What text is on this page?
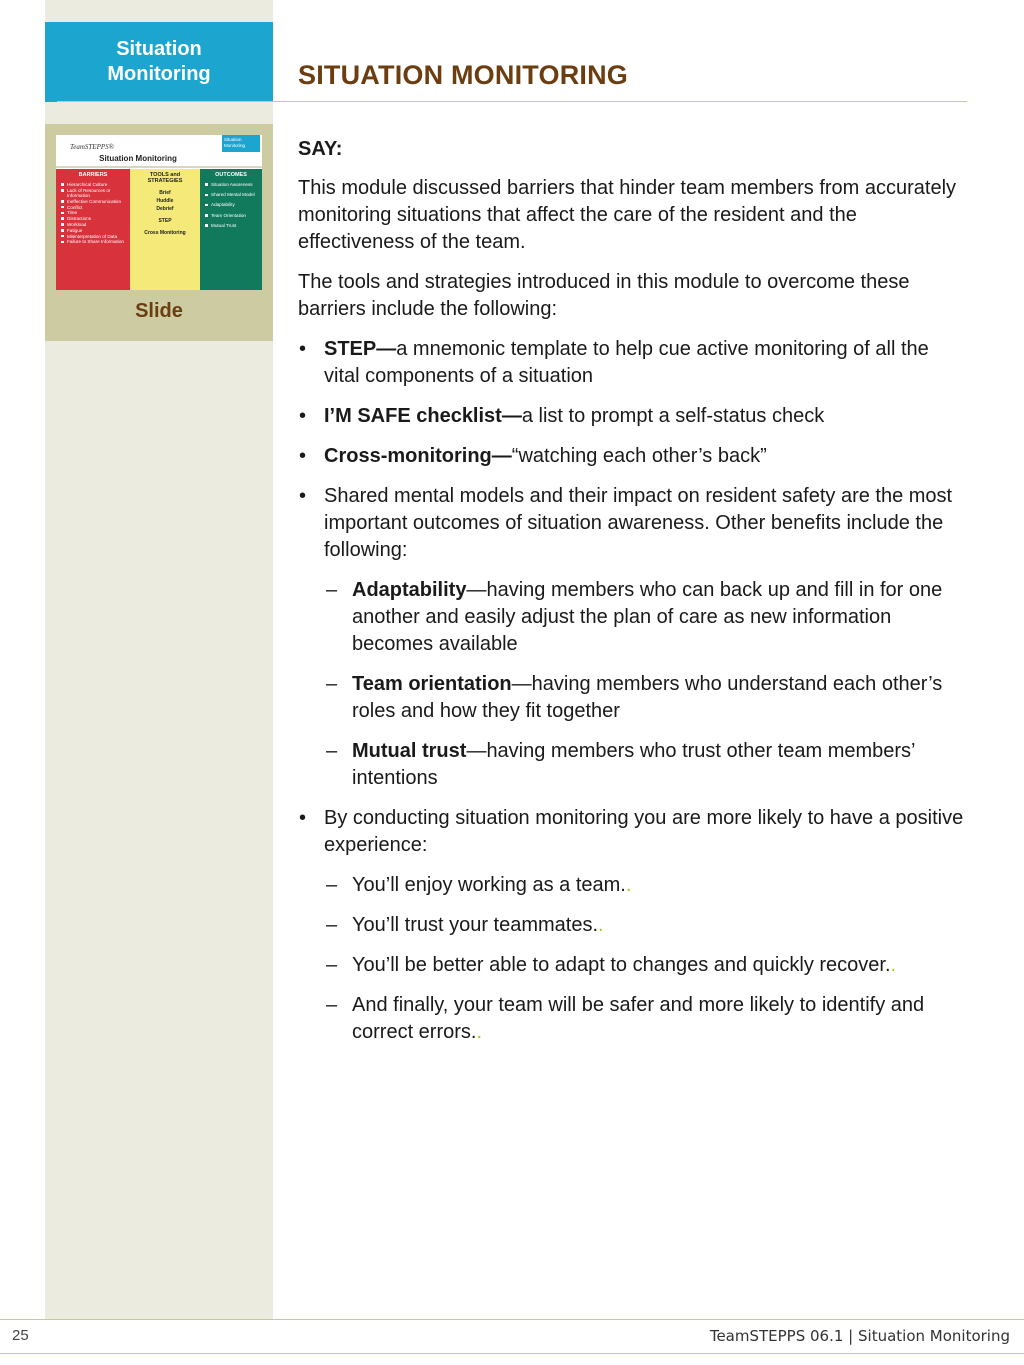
Situation
Monitoring	SITUATION MONITORING
TeamSTEPPS®
Situation
Monitoring
Situation Monitoring
BARRIERS
Hierarchical Culture
Lack of Resources or Information
Ineffective Communication
Conflict
Time
Distractions
Workload
Fatigue
Misinterpretation of Data
Failure to Share Information
TOOLS and STRATEGIES
Brief
Huddle
Debrief
STEP
Cross Monitoring
OUTCOMES
Situation Awareness
Shared Mental Model
Adaptability
Team Orientation
Mutual Trust
Slide

SAY:

This module discussed barriers that hinder team members from accurately monitoring situations that affect the care of the resident and the effectiveness of the team.

The tools and strategies introduced in this module to overcome these barriers include the following:

• STEP—a mnemonic template to help cue active monitoring of all the vital components of a situation
• I’M SAFE checklist—a list to prompt a self-status check
• Cross-monitoring—“watching each other’s back”
• Shared mental models and their impact on resident safety are the most important outcomes of situation awareness. Other benefits include the following:
– Adaptability—having members who can back up and fill in for one another and easily adjust the plan of care as new information becomes available
– Team orientation—having members who understand each other’s roles and how they fit together
– Mutual trust—having members who trust other team members’ intentions
• By conducting situation monitoring you are more likely to have a positive experience:
– You’ll enjoy working as a team..
– You’ll trust your teammates..
– You’ll be better able to adapt to changes and quickly recover..
– And finally, your team will be safer and more likely to identify and correct errors..
25	TeamSTEPPS 06.1 | Situation Monitoring
